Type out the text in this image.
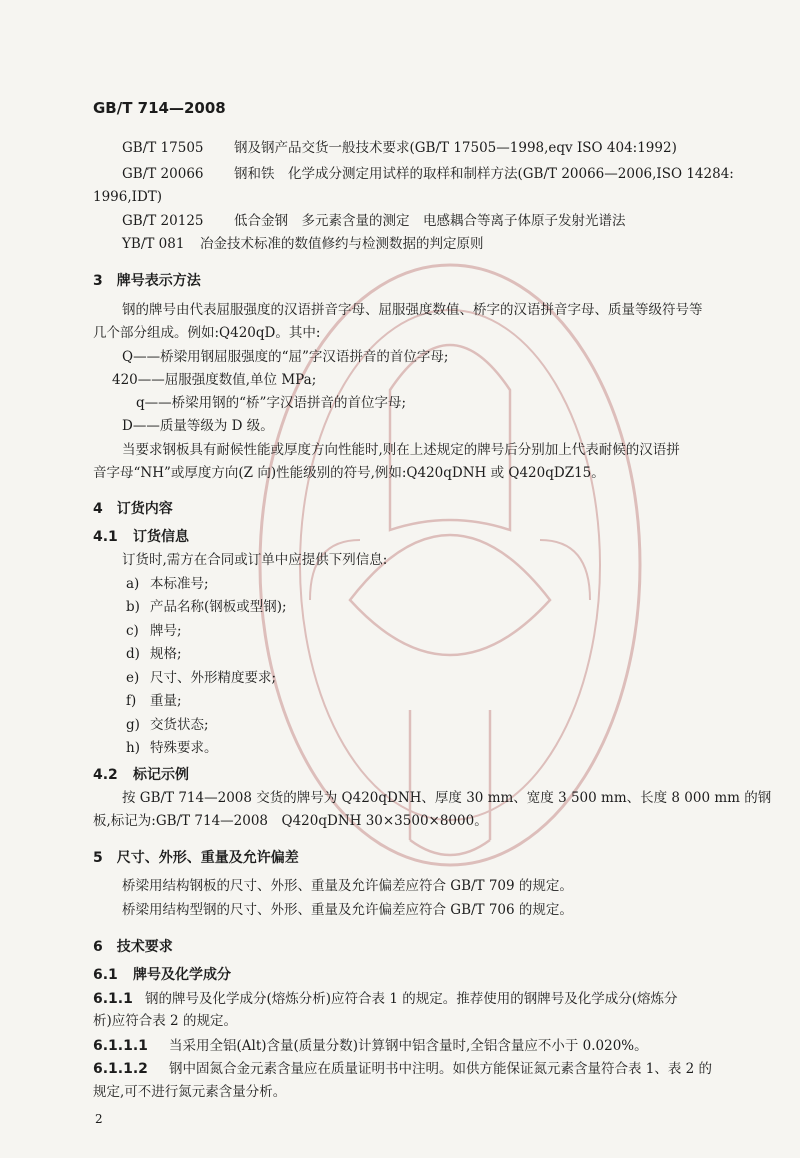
GB/T 714—2008
GB/T 17505 钢及钢产品交货一般技术要求(GB/T 17505—1998,eqv ISO 404:1992)
GB/T 20066 钢和铁　化学成分测定用试样的取样和制样方法(GB/T 20066—2006,ISO 14284:
1996,IDT)
GB/T 20125 低合金钢　多元素含量的测定　电感耦合等离子体原子发射光谱法
YB/T 081 冶金技术标准的数值修约与检测数据的判定原则
3　 牌号表示方法
钢的牌号由代表屈服强度的汉语拼音字母、屈服强度数值、桥字的汉语拼音字母、质量等级符号等
几个部分组成。例如:Q420qD。其中:
Q——桥梁用钢屈服强度的“屈”字汉语拼音的首位字母;
420——屈服强度数值,单位 MPa;
q——桥梁用钢的“桥”字汉语拼音的首位字母;
D——质量等级为 D 级。
当要求钢板具有耐候性能或厚度方向性能时,则在上述规定的牌号后分别加上代表耐候的汉语拼
音字母“NH”或厚度方向(Z 向)性能级别的符号,例如:Q420qDNH 或 Q420qDZ15。
4　 订货内容
4.1 订货信息
订货时,需方在合同或订单中应提供下列信息:
a) 本标准号;
b) 产品名称(钢板或型钢);
c) 牌号;
d) 规格;
e) 尺寸、外形精度要求;
f) 重量;
g) 交货状态;
h) 特殊要求。
4.2 标记示例
按 GB/T 714—2008 交货的牌号为 Q420qDNH、厚度 30 mm、宽度 3 500 mm、长度 8 000 mm 的钢
板,标记为:GB/T 714—2008　Q420qDNH 30×3500×8000。
5　 尺寸、外形、重量及允许偏差
桥梁用结构钢板的尺寸、外形、重量及允许偏差应符合 GB/T 709 的规定。
桥梁用结构型钢的尺寸、外形、重量及允许偏差应符合 GB/T 706 的规定。
6　 技术要求
6.1 牌号及化学成分
6.1.1 钢的牌号及化学成分(熔炼分析)应符合表 1 的规定。推荐使用的钢牌号及化学成分(熔炼分
析)应符合表 2 的规定。
6.1.1.1 当采用全铝(Alt)含量(质量分数)计算钢中铝含量时,全铝含量应不小于 0.020%。
6.1.1.2 钢中固氮合金元素含量应在质量证明书中注明。如供方能保证氮元素含量符合表 1、表 2 的
规定,可不进行氮元素含量分析。
2
